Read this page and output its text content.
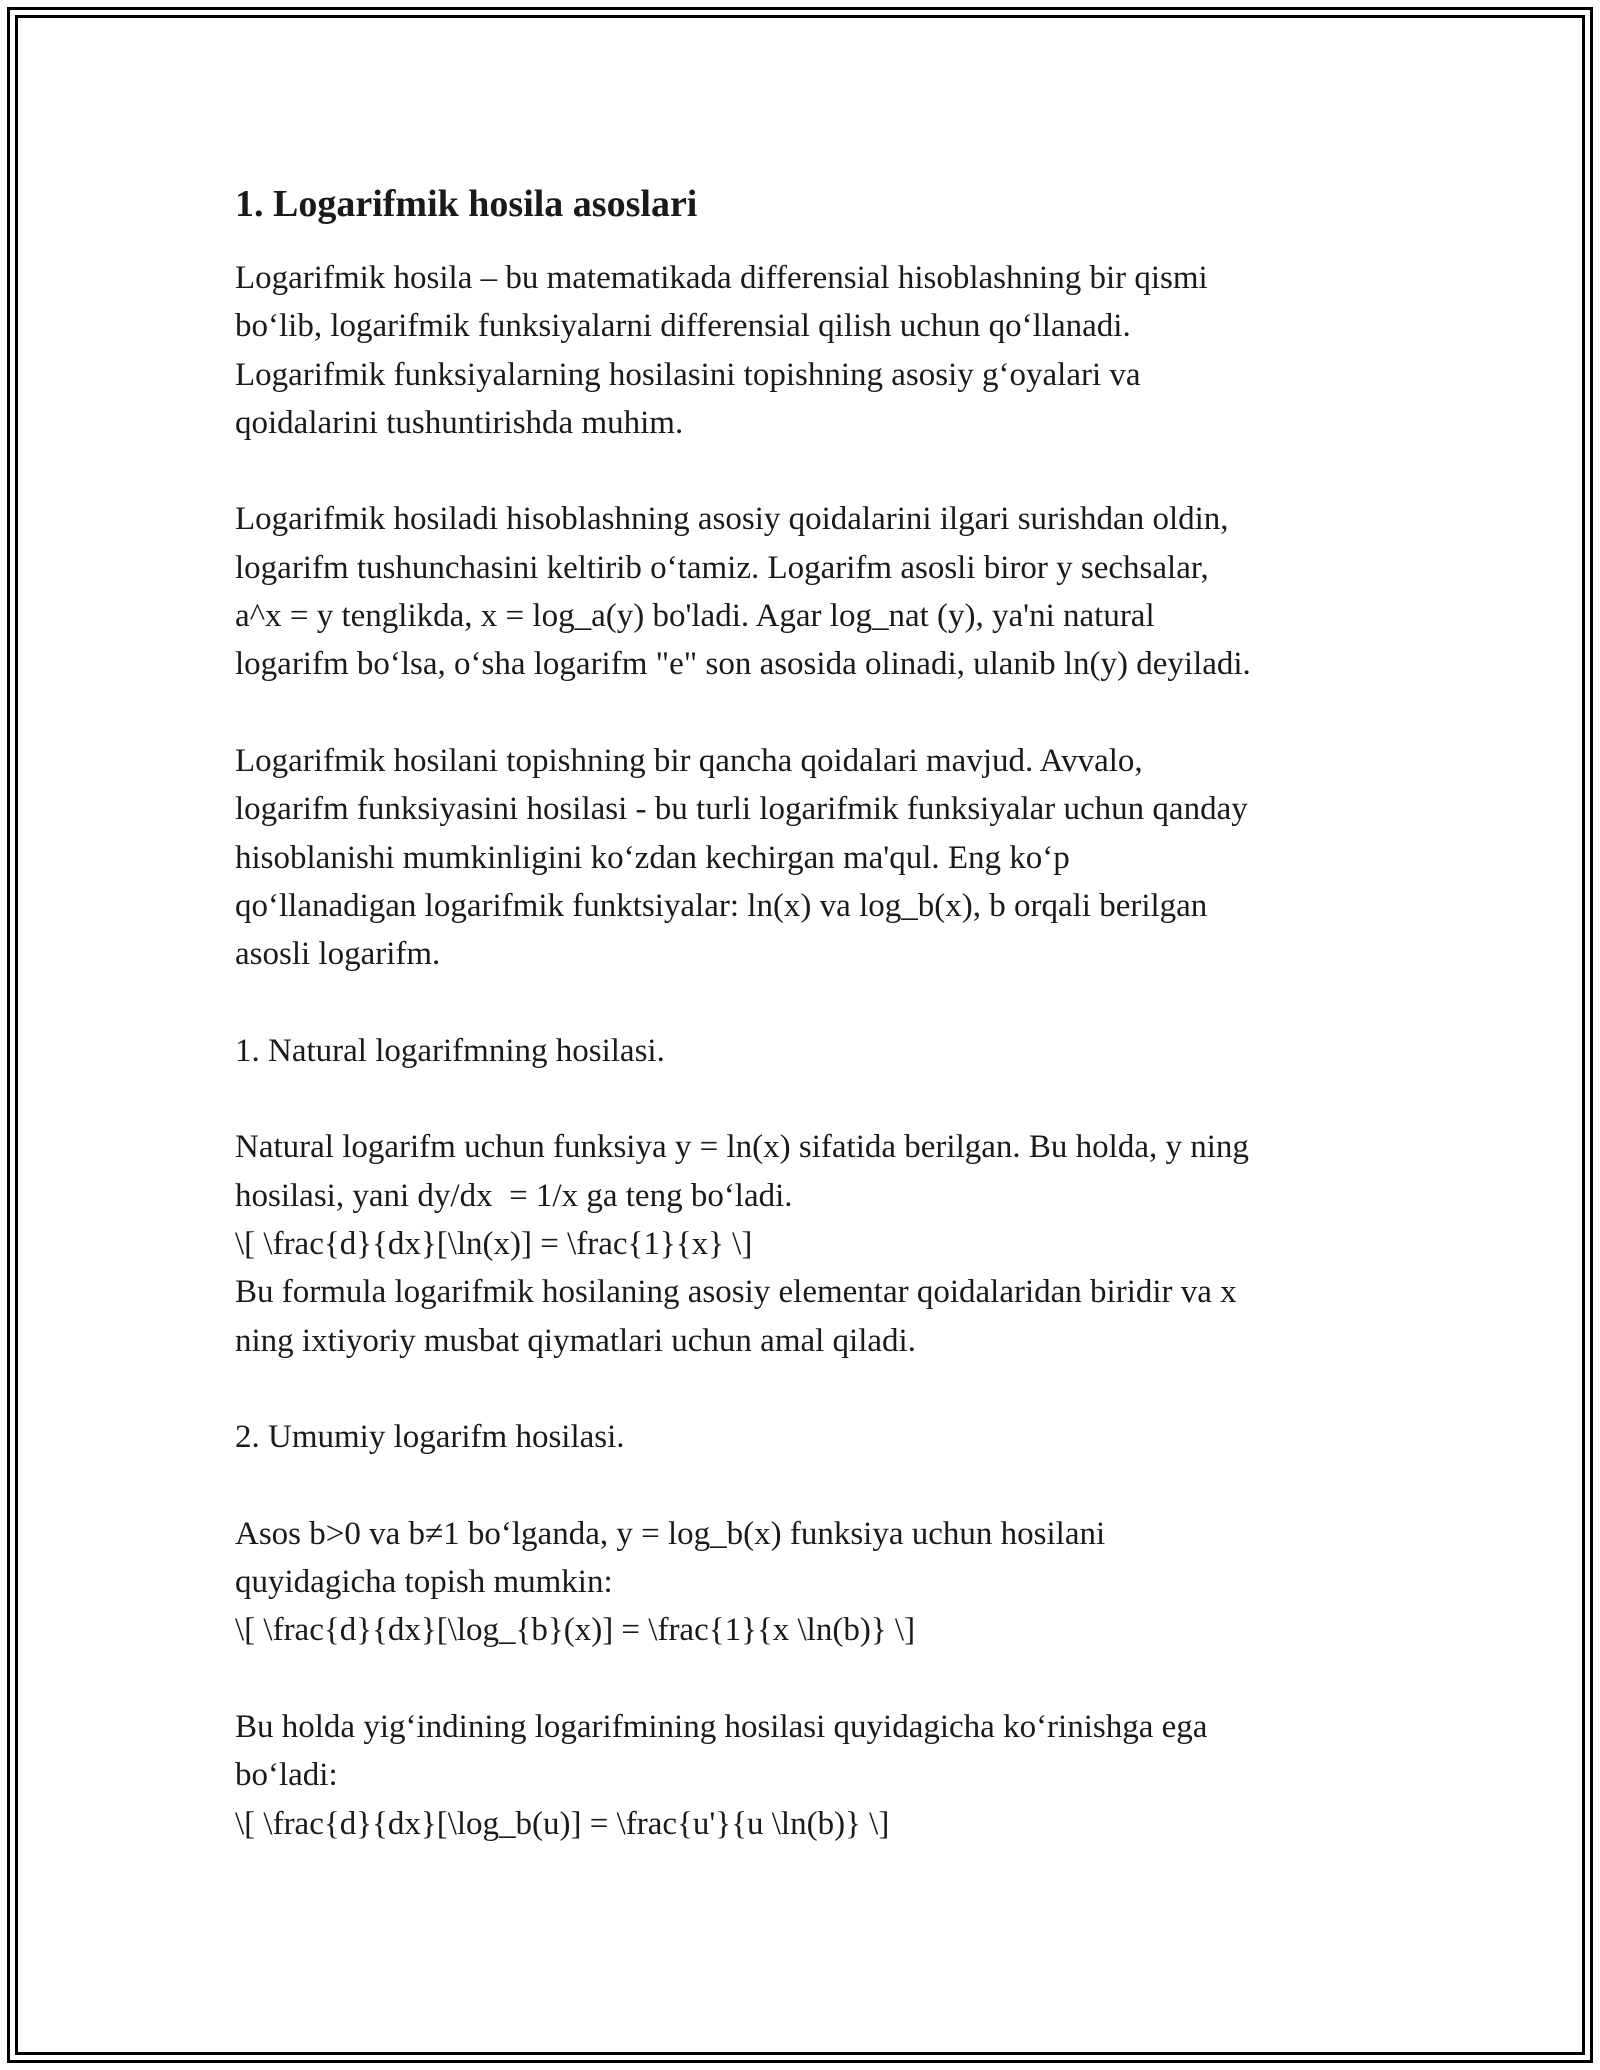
1. Logarifmik hosila asoslari

Logarifmik hosila – bu matematikada differensial hisoblashning bir qismi
bo‘lib, logarifmik funksiyalarni differensial qilish uchun qo‘llanadi.
Logarifmik funksiyalarning hosilasini topishning asosiy g‘oyalari va
qoidalarini tushuntirishda muhim.

Logarifmik hosiladi hisoblashning asosiy qoidalarini ilgari surishdan oldin,
logarifm tushunchasini keltirib o‘tamiz. Logarifm asosli biror y sechsalar,
a^x = y tenglikda, x = log_a(y) bo'ladi. Agar log_nat (y), ya'ni natural
logarifm bo‘lsa, o‘sha logarifm "e" son asosida olinadi, ulanib ln(y) deyiladi.

Logarifmik hosilani topishning bir qancha qoidalari mavjud. Avvalo,
logarifm funksiyasini hosilasi - bu turli logarifmik funksiyalar uchun qanday
hisoblanishi mumkinligini ko‘zdan kechirgan ma'qul. Eng ko‘p
qo‘llanadigan logarifmik funktsiyalar: ln(x) va log_b(x), b orqali berilgan
asosli logarifm.

1. Natural logarifmning hosilasi.

Natural logarifm uchun funksiya y = ln(x) sifatida berilgan. Bu holda, y ning
hosilasi, yani dy/dx  = 1/x ga teng bo‘ladi.
\[ \frac{d}{dx}[\ln(x)] = \frac{1}{x} \]
Bu formula logarifmik hosilaning asosiy elementar qoidalaridan biridir va x
ning ixtiyoriy musbat qiymatlari uchun amal qiladi.

2. Umumiy logarifm hosilasi.

Asos b>0 va b≠1 bo‘lganda, y = log_b(x) funksiya uchun hosilani
quyidagicha topish mumkin:
\[ \frac{d}{dx}[\log_{b}(x)] = \frac{1}{x \ln(b)} \]

Bu holda yig‘indining logarifmining hosilasi quyidagicha ko‘rinishga ega
bo‘ladi:
\[ \frac{d}{dx}[\log_b(u)] = \frac{u'}{u \ln(b)} \]
